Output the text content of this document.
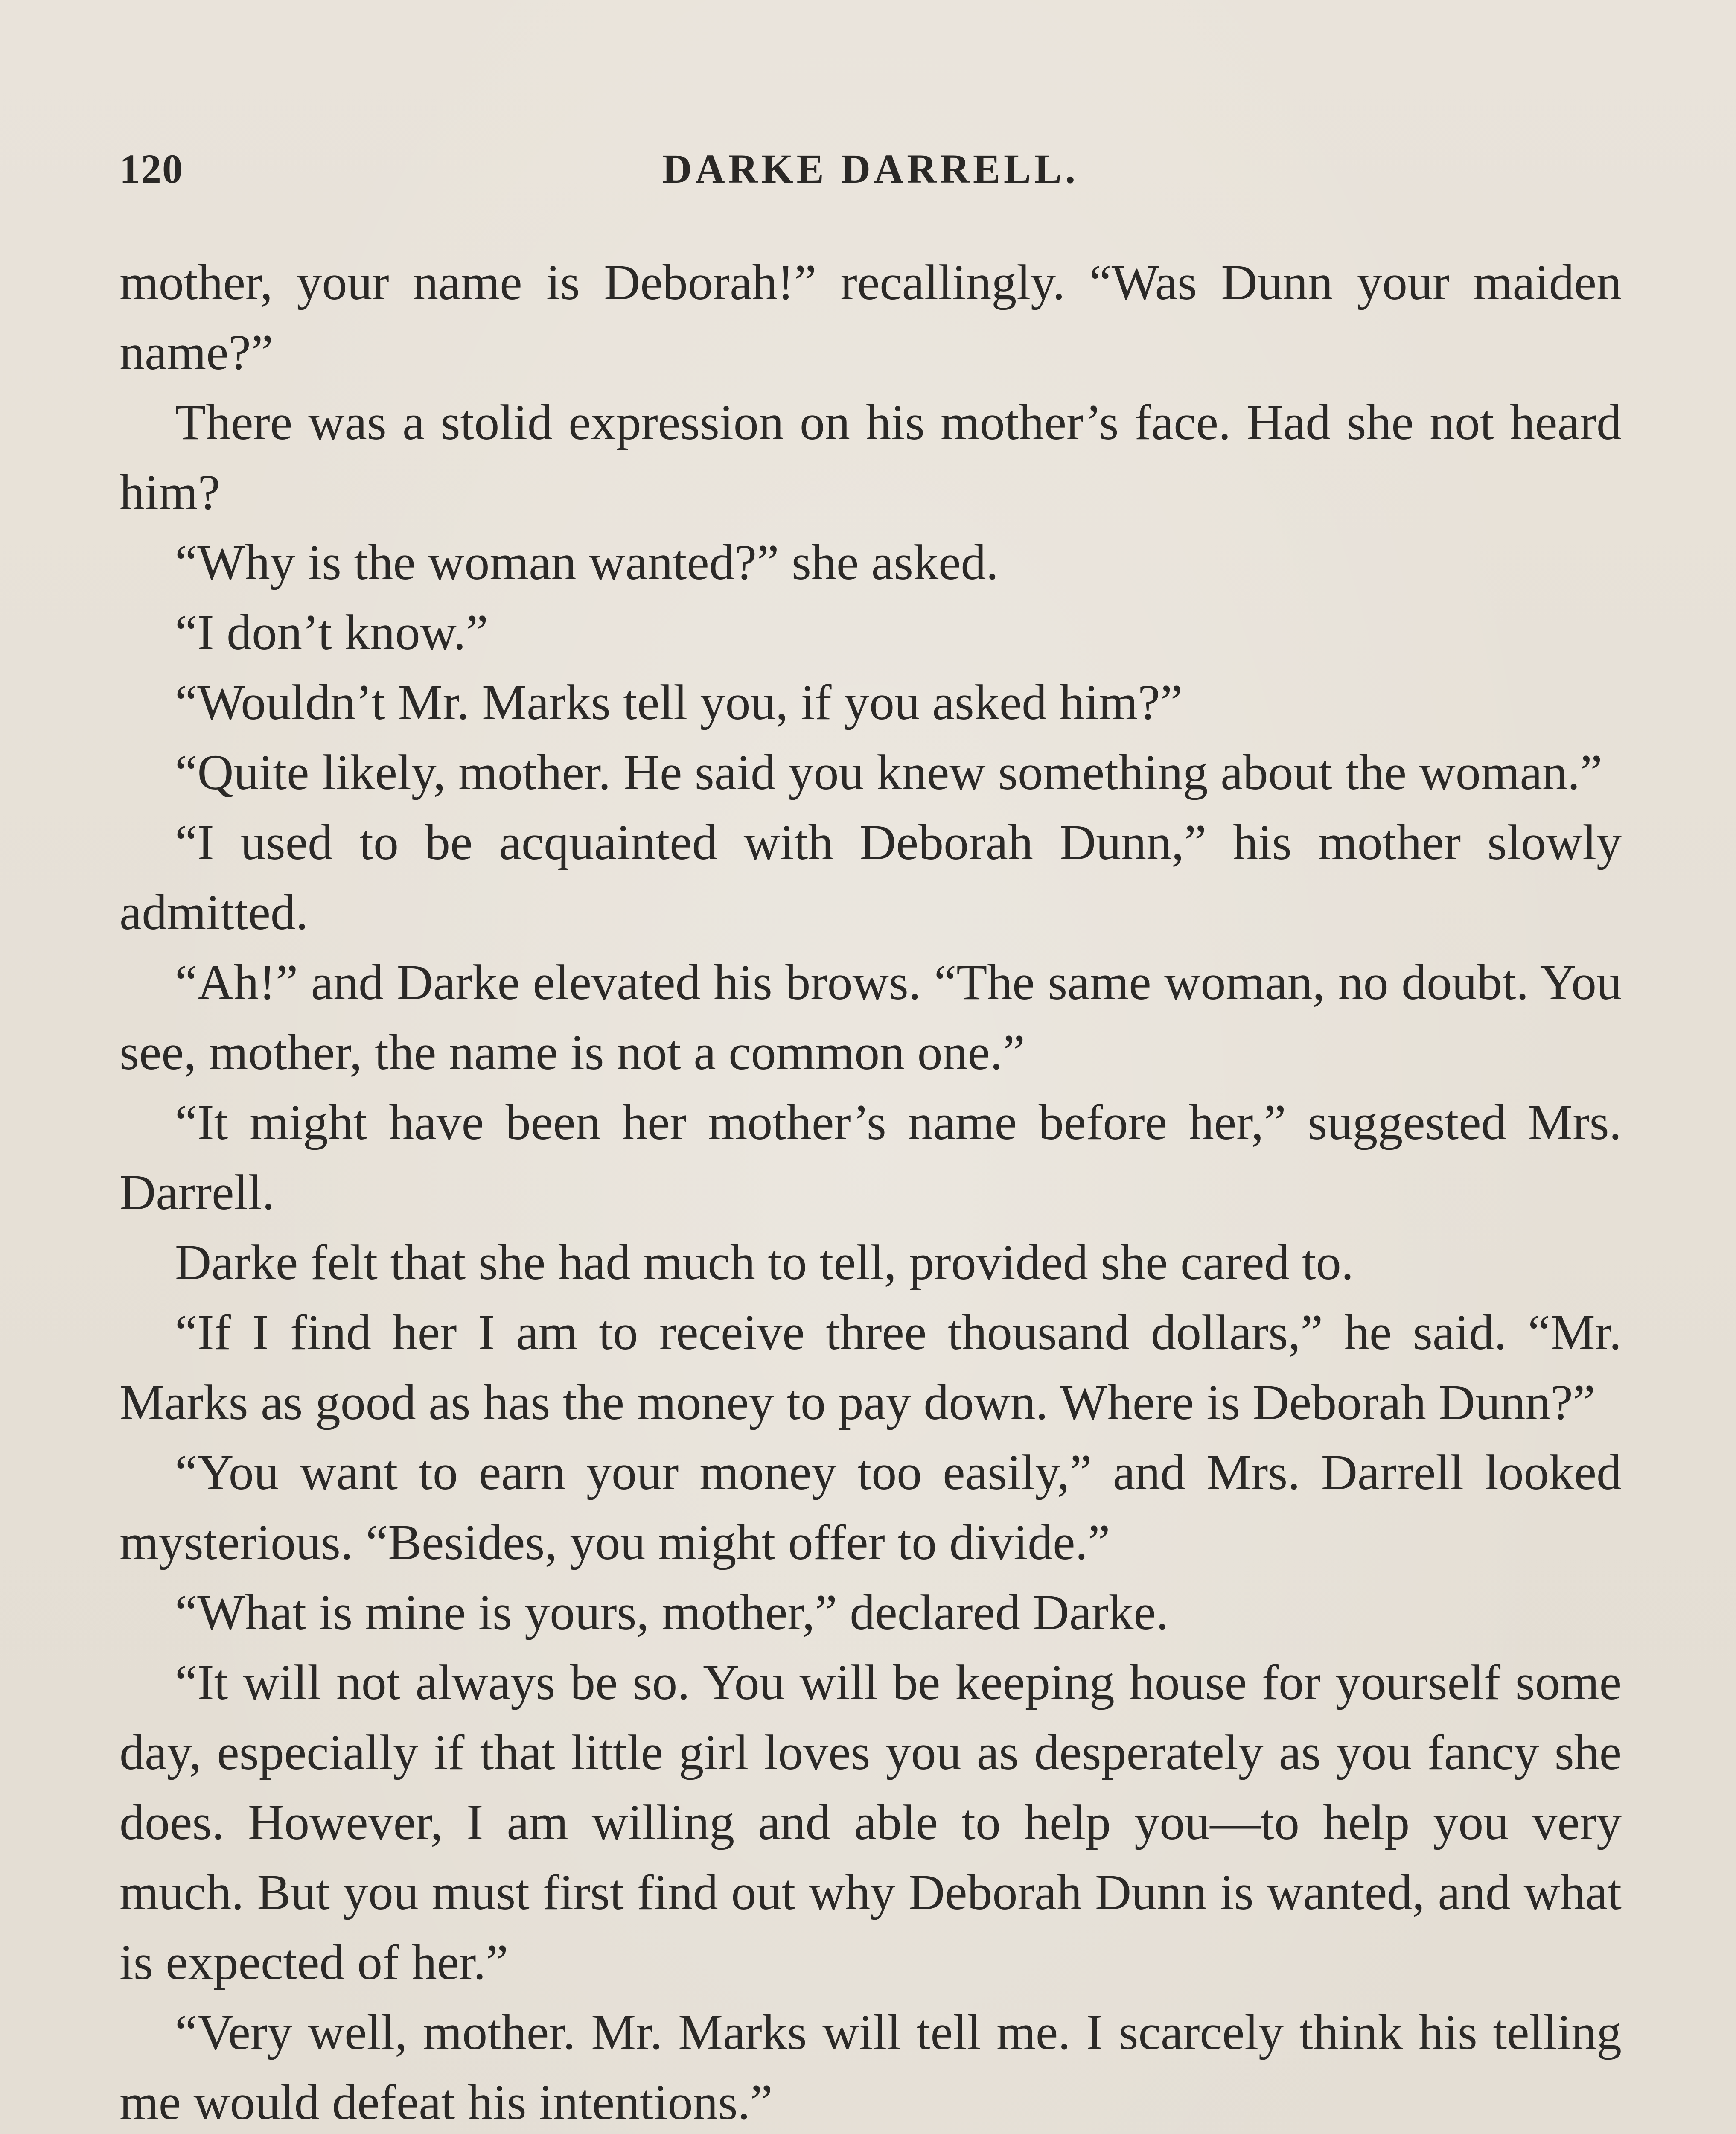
120	DARKE DARRELL.

mother, your name is Deborah!” recallingly. “Was Dunn your maiden name?”

There was a stolid expression on his mother’s face. Had she not heard him?

“Why is the woman wanted?” she asked.

“I don’t know.”

“Wouldn’t Mr. Marks tell you, if you asked him?”

“Quite likely, mother. He said you knew something about the woman.”

“I used to be acquainted with Deborah Dunn,” his mother slowly admitted.

“Ah!” and Darke elevated his brows. “The same woman, no doubt. You see, mother, the name is not a common one.”

“It might have been her mother’s name before her,” suggested Mrs. Darrell.

Darke felt that she had much to tell, provided she cared to.

“If I find her I am to receive three thousand dollars,” he said. “Mr. Marks as good as has the money to pay down. Where is Deborah Dunn?”

“You want to earn your money too easily,” and Mrs. Darrell looked mysterious. “Besides, you might offer to divide.”

“What is mine is yours, mother,” declared Darke.

“It will not always be so. You will be keeping house for yourself some day, especially if that little girl loves you as desperately as you fancy she does. However, I am willing and able to help you—to help you very much. But you must first find out why Deborah Dunn is wanted, and what is expected of her.”

“Very well, mother. Mr. Marks will tell me. I scarcely think his telling me would defeat his intentions.”
